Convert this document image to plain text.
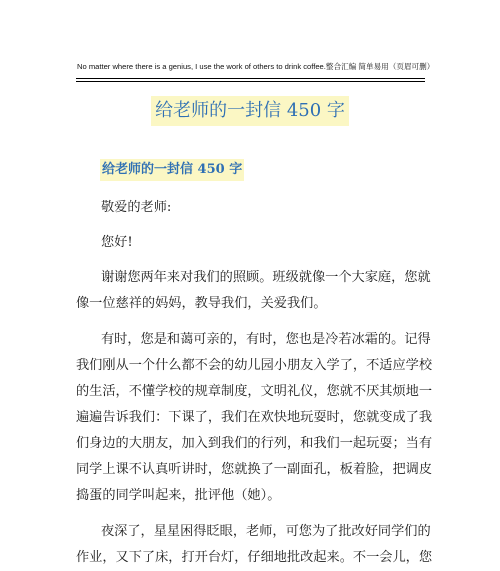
No matter where there is a genius, I use the work of others to drink coffee.整合汇编 简单易用（页眉可删）
给老师的一封信 450 字
给老师的一封信 450 字
敬爱的老师:
您好!
谢谢您两年来对我们的照顾。班级就像一个大家庭，您就
像一位慈祥的妈妈，教导我们，关爱我们。
有时，您是和蔼可亲的，有时，您也是冷若冰霜的。记得
我们刚从一个什么都不会的幼儿园小朋友入学了，不适应学校
的生活，不懂学校的规章制度，文明礼仪，您就不厌其烦地一
遍遍告诉我们：下课了，我们在欢快地玩耍时，您就变成了我
们身边的大朋友，加入到我们的行列，和我们一起玩耍；当有
同学上课不认真听讲时，您就换了一副面孔，板着脸，把调皮
捣蛋的同学叫起来，批评他（她）。
夜深了，星星困得眨眼，老师，可您为了批改好同学们的
作业，又下了床，打开台灯，仔细地批改起来。不一会儿，您
